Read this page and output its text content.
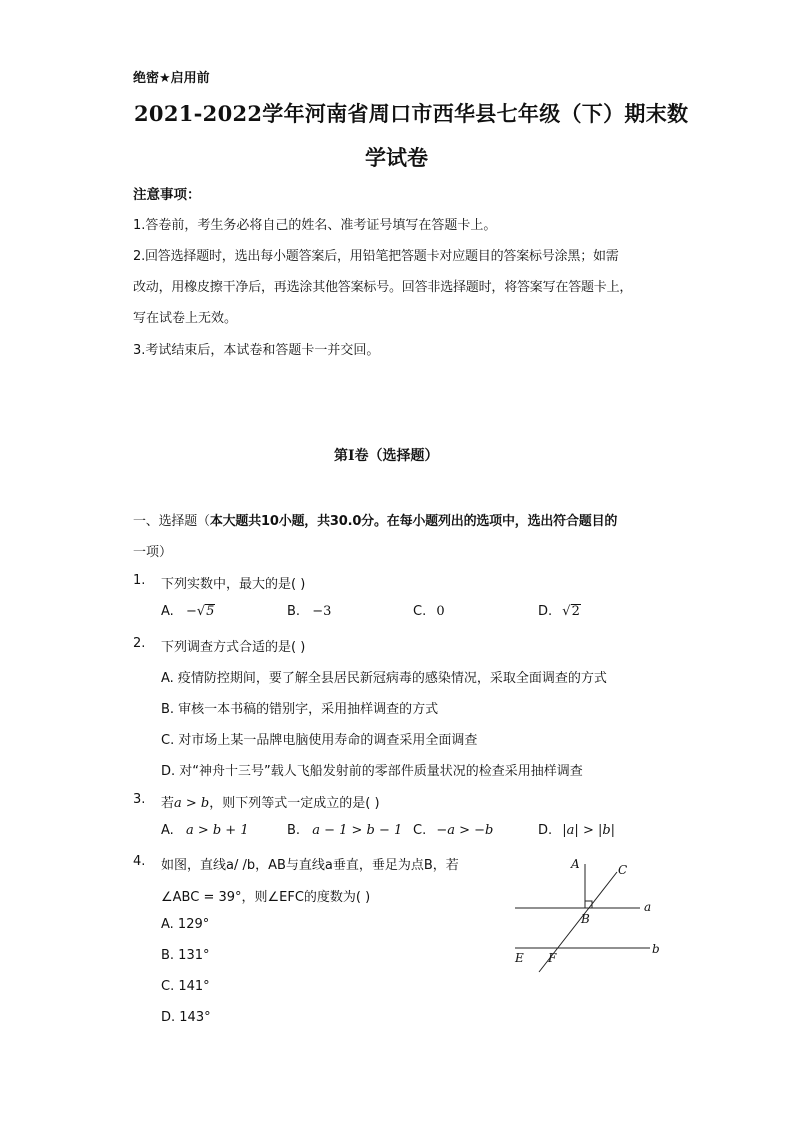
绝密★启用前
2021-2022学年河南省周口市西华县七年级（下）期末数
学试卷
注意事项：
1.答卷前，考生务必将自己的姓名、准考证号填写在答题卡上。
2.回答选择题时，选出每小题答案后，用铅笔把答题卡对应题目的答案标号涂黑；如需
改动，用橡皮擦干净后，再选涂其他答案标号。回答非选择题时，将答案写在答题卡上，
写在试卷上无效。
3.考试结束后，本试卷和答题卡一并交回。
第I卷（选择题）
一、选择题（本大题共10小题，共30.0分。在每小题列出的选项中，选出符合题目的
一项）
1. 下列实数中，最大的是( )
A. −√5	B. −3	C. 0	D. √2
2. 下列调查方式合适的是( )
A. 疫情防控期间，要了解全县居民新冠病毒的感染情况，采取全面调查的方式
B. 审核一本书稿的错别字，采用抽样调查的方式
C. 对市场上某一品牌电脑使用寿命的调查采用全面调查
D. 对“神舟十三号”载人飞船发射前的零部件质量状况的检查采用抽样调查
3. 若a > b，则下列等式一定成立的是( )
A. a > b + 1	B. a − 1 > b − 1 C. −a > −b	D. |a| > |b|
4. 如图，直线a/ /b，AB与直线a垂直，垂足为点B，若
∠ABC = 39°，则∠EFC的度数为( )
A. 129°
B. 131°
C. 141°
D. 143°
A
B
C
E F
a
b
